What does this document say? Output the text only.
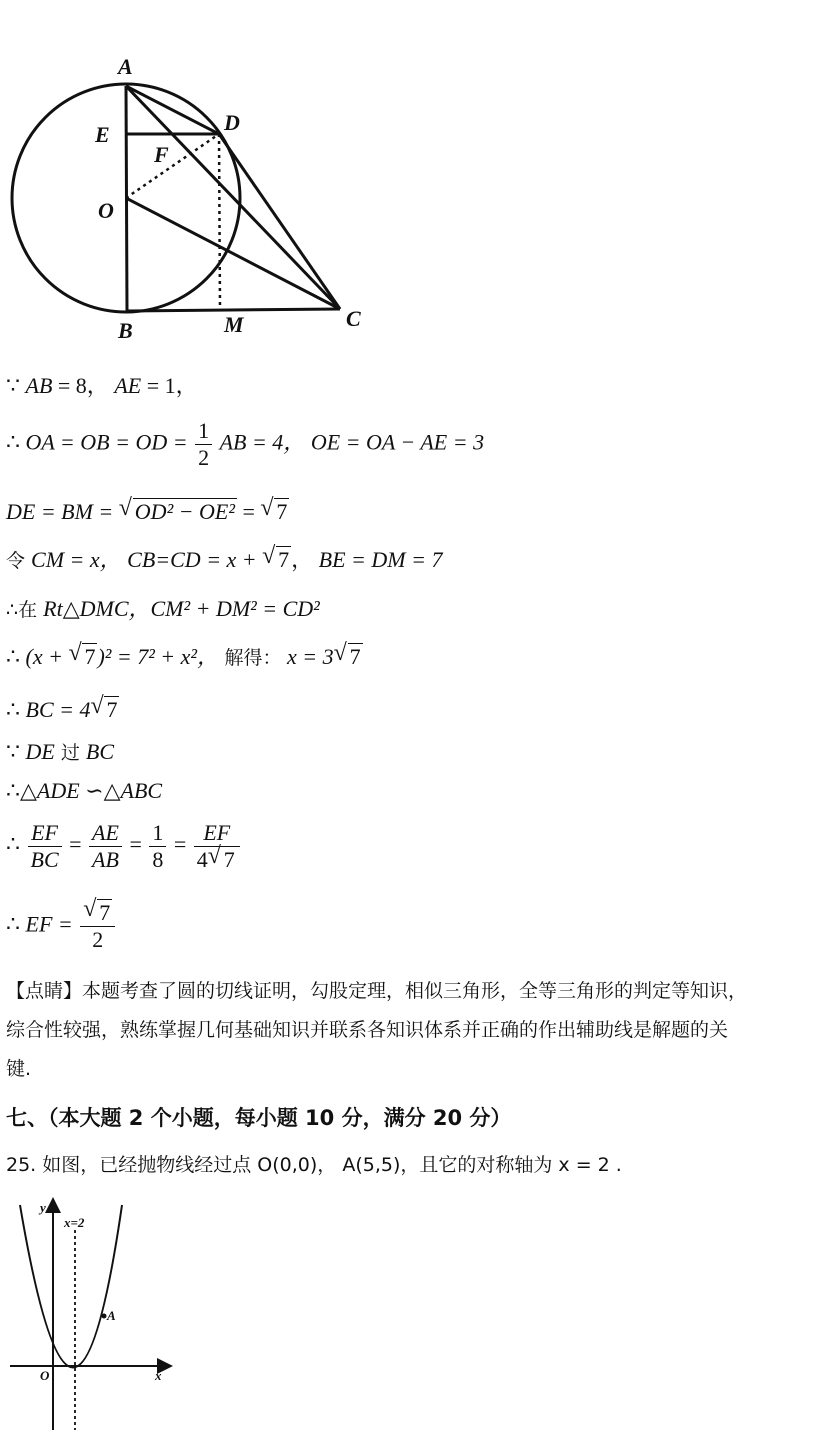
A
D
E
F
O
B	M	C
∵ AB = 8， AE = 1，
∴ OA = OB = OD = $\frac{1}{2}$ AB = 4， OE = OA − AE = 3
DE = BM = √ OD² − OE² = √ 7
令 CM = x， CB=CD = x + √ 7， BE = DM = 7
∴在 Rt△DMC，CM² + DM² = CD²
∴ (x + √ 7)² = 7² + x²， 解得： x = 3 √ 7
∴ BC = 4 √ 7
∵ DE 过 BC
∴△ADE ∽△ABC
∴ $\frac{EF}{BC} = \frac{AE}{AB} = \frac{1}{8} = \frac{EF}{4 √ 7}$
∴ EF = √ $\frac{7}{2}$
【点睛】本题考查了圆的切线证明，勾股定理，相似三角形，全等三角形的判定等知识，
综合性较强，熟练掌握几何基础知识并联系各知识体系并正确的作出辅助线是解题的关
键.
七、（本大题 2 个小题，每小题 10 分，满分 20 分）
25. 如图，已经抛物线经过点 O(0,0)， A(5,5)，且它的对称轴为 x = 2 .
y
x=2
A
O	x
